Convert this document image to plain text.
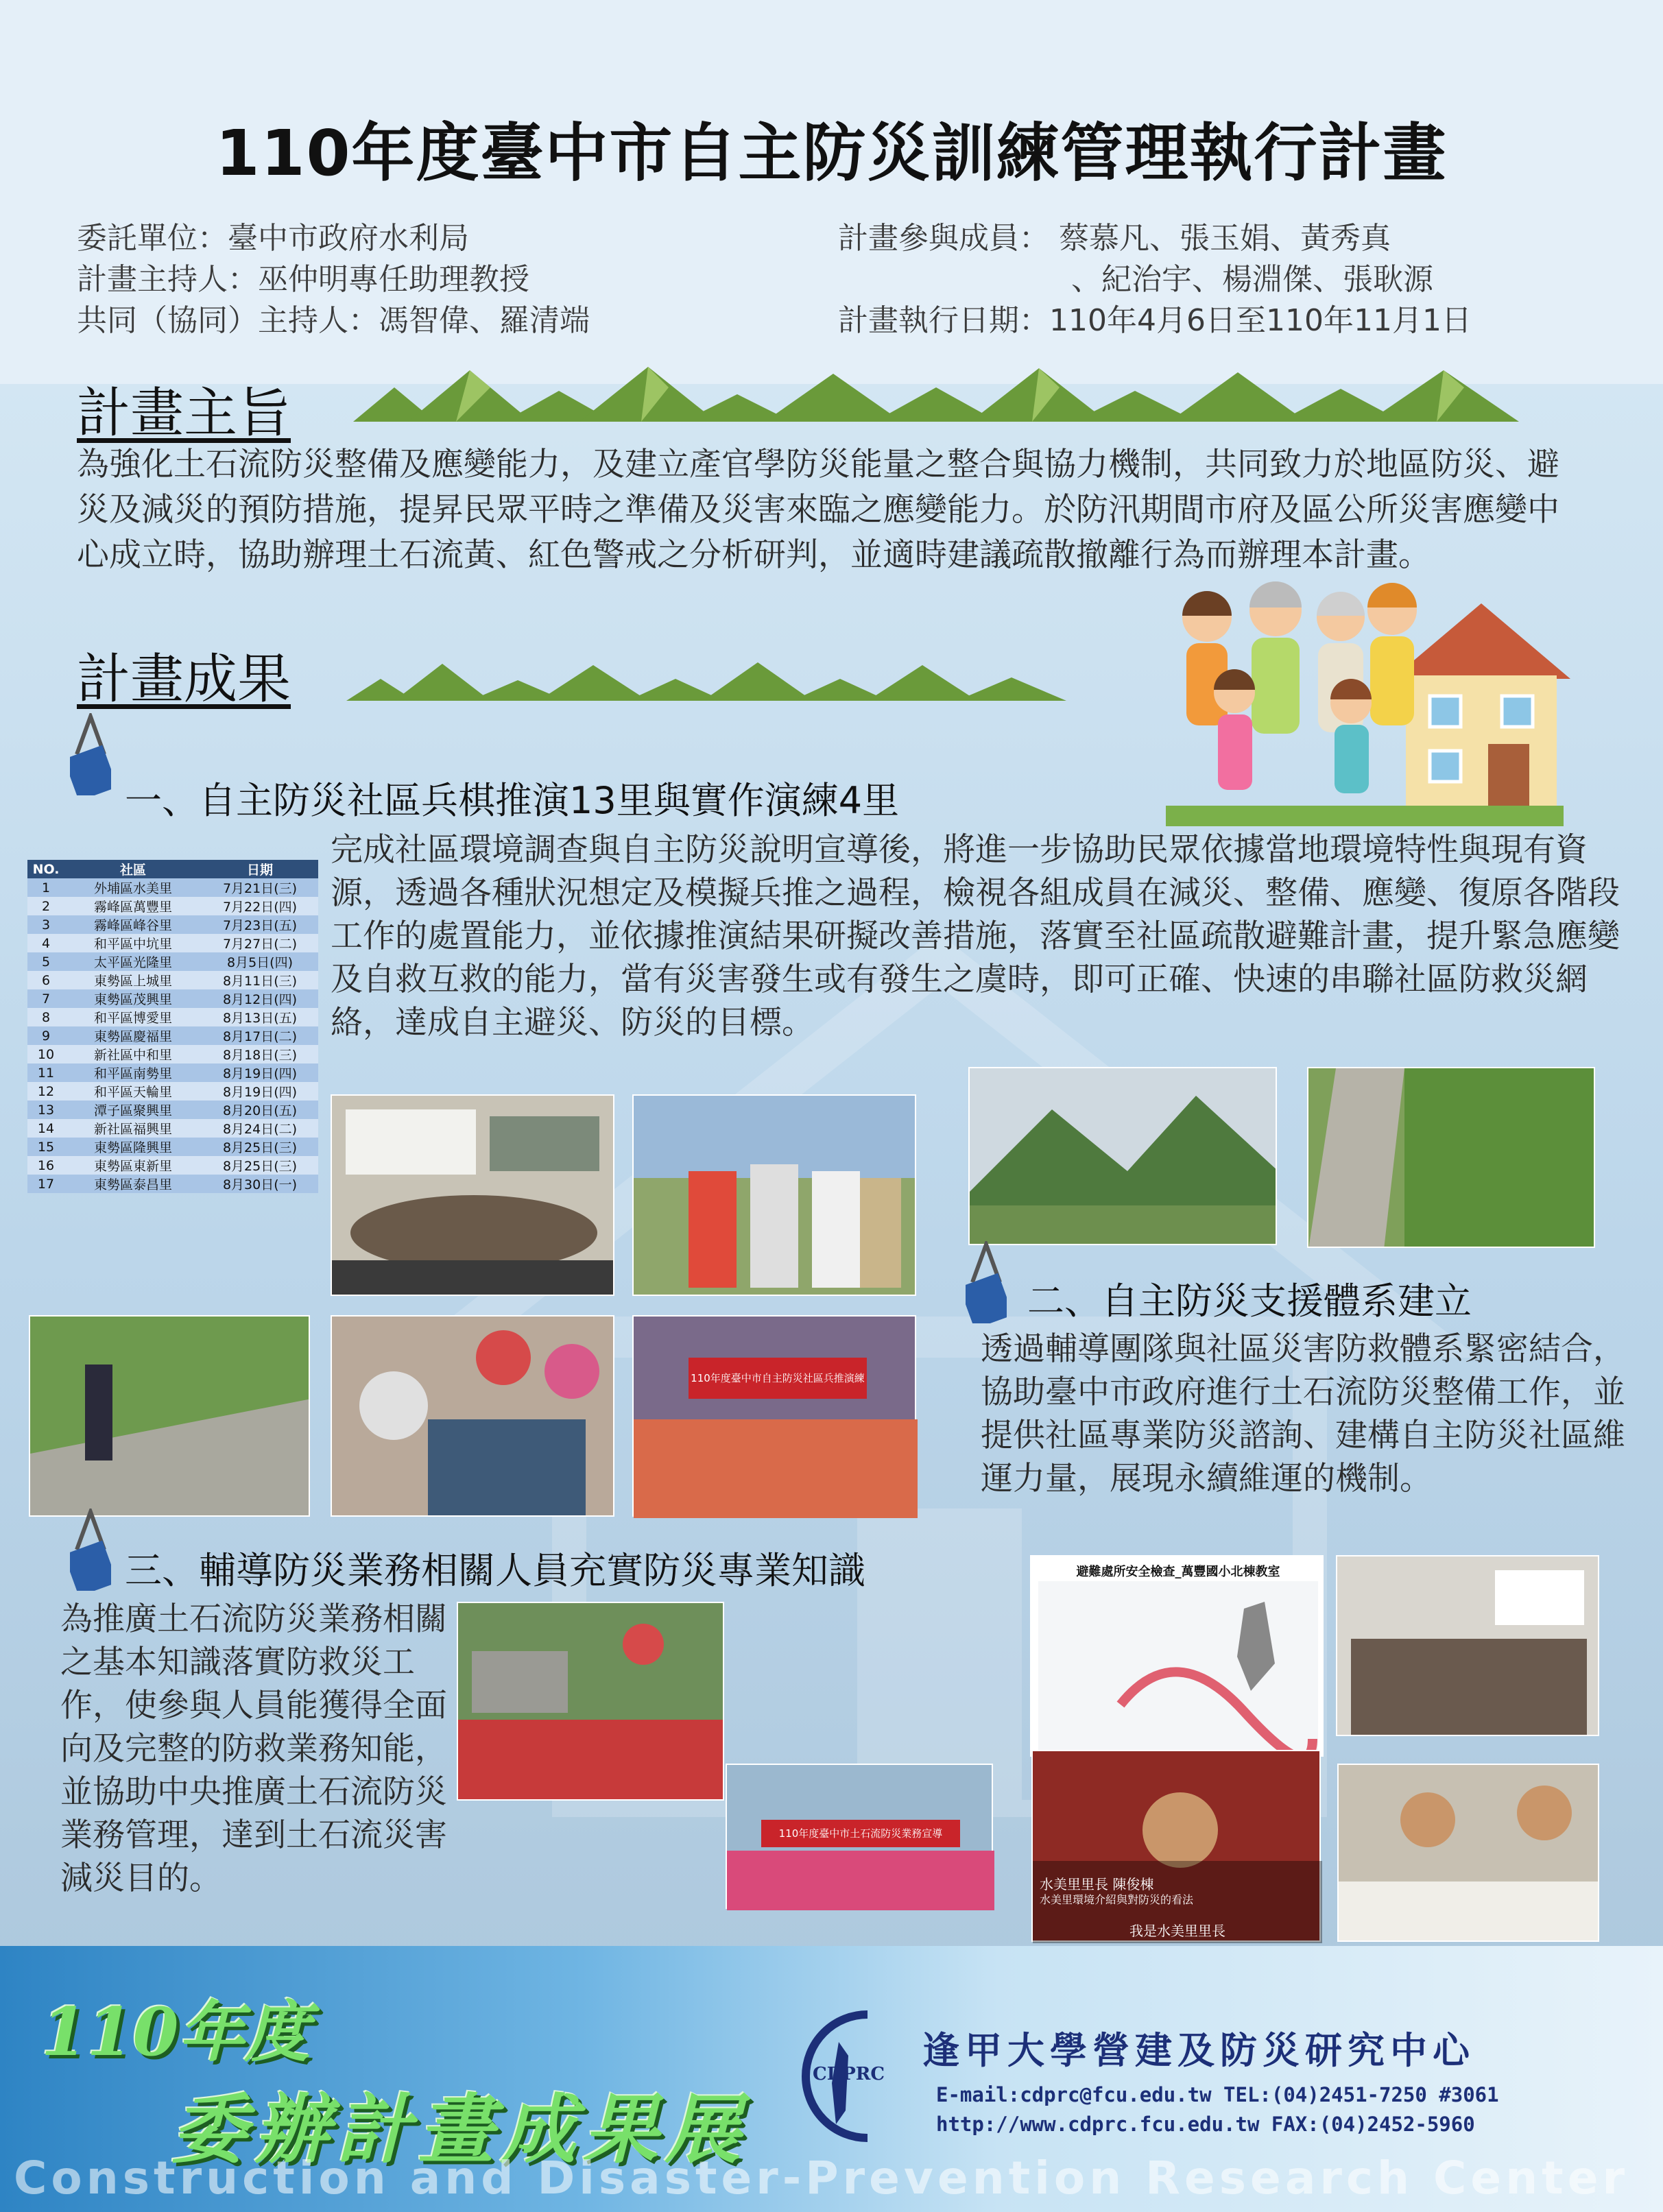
110年度臺中市自主防災訓練管理執行計畫
委託單位：臺中市政府水利局
計畫主持人：巫仲明專任助理教授
共同（協同）主持人：馮智偉、羅清端
計畫參與成員： 蔡慕凡、張玉娟、黃秀真
、紀治宇、楊淵傑、張耿源
計畫執行日期：110年4月6日至110年11月1日
計畫主旨
為強化土石流防災整備及應變能力，及建立產官學防災能量之整合與協力機制，共同致力於地區防災、避災及減災的預防措施，提昇民眾平時之準備及災害來臨之應變能力。於防汛期間市府及區公所災害應變中心成立時，協助辦理土石流黃、紅色警戒之分析研判，並適時建議疏散撤離行為而辦理本計畫。
計畫成果
一、自主防災社區兵棋推演13里與實作演練4里
NO.	社區	日期
1	外埔區水美里	7月21日(三)
2	霧峰區萬豐里	7月22日(四)
3	霧峰區峰谷里	7月23日(五)
4	和平區中坑里	7月27日(二)
5	太平區光隆里	8月5日(四)
6	東勢區上城里	8月11日(三)
7	東勢區茂興里	8月12日(四)
8	和平區博愛里	8月13日(五)
9	東勢區慶福里	8月17日(二)
10	新社區中和里	8月18日(三)
11	和平區南勢里	8月19日(四)
12	和平區天輪里	8月19日(四)
13	潭子區聚興里	8月20日(五)
14	新社區福興里	8月24日(二)
15	東勢區隆興里	8月25日(三)
16	東勢區東新里	8月25日(三)
17	東勢區泰昌里	8月30日(一)
完成社區環境調查與自主防災說明宣導後，將進一步協助民眾依據當地環境特性與現有資源，透過各種狀況想定及模擬兵推之過程，檢視各組成員在減災、整備、應變、復原各階段工作的處置能力，並依據推演結果研擬改善措施，落實至社區疏散避難計畫，提升緊急應變及自救互救的能力，當有災害發生或有發生之虞時，即可正確、快速的串聯社區防救災網絡，達成自主避災、防災的目標。
110年度臺中市自主防災社區兵推演練
二、自主防災支援體系建立
透過輔導團隊與社區災害防救體系緊密結合，協助臺中市政府進行土石流防災整備工作，並提供社區專業防災諮詢、建構自主防災社區維運力量，展現永續維運的機制。
三、輔導防災業務相關人員充實防災專業知識
為推廣土石流防災業務相關之基本知識落實防救災工作，使參與人員能獲得全面向及完整的防救業務知能，並協助中央推廣土石流防災業務管理，達到土石流災害減災目的。
110年度臺中市土石流防災業務宣導
避難處所安全檢查_萬豐國小北棟教室
水美里里長 陳俊棟
水美里環境介紹與對防災的看法
我是水美里里長
110年度
委辦計畫成果展
CDPRC
逢甲大學營建及防災研究中心
E-mail:cdprc@fcu.edu.tw TEL:(04)2451-7250 #3061
http://www.cdprc.fcu.edu.tw FAX:(04)2452-5960
Construction and Disaster-Prevention Research Center
